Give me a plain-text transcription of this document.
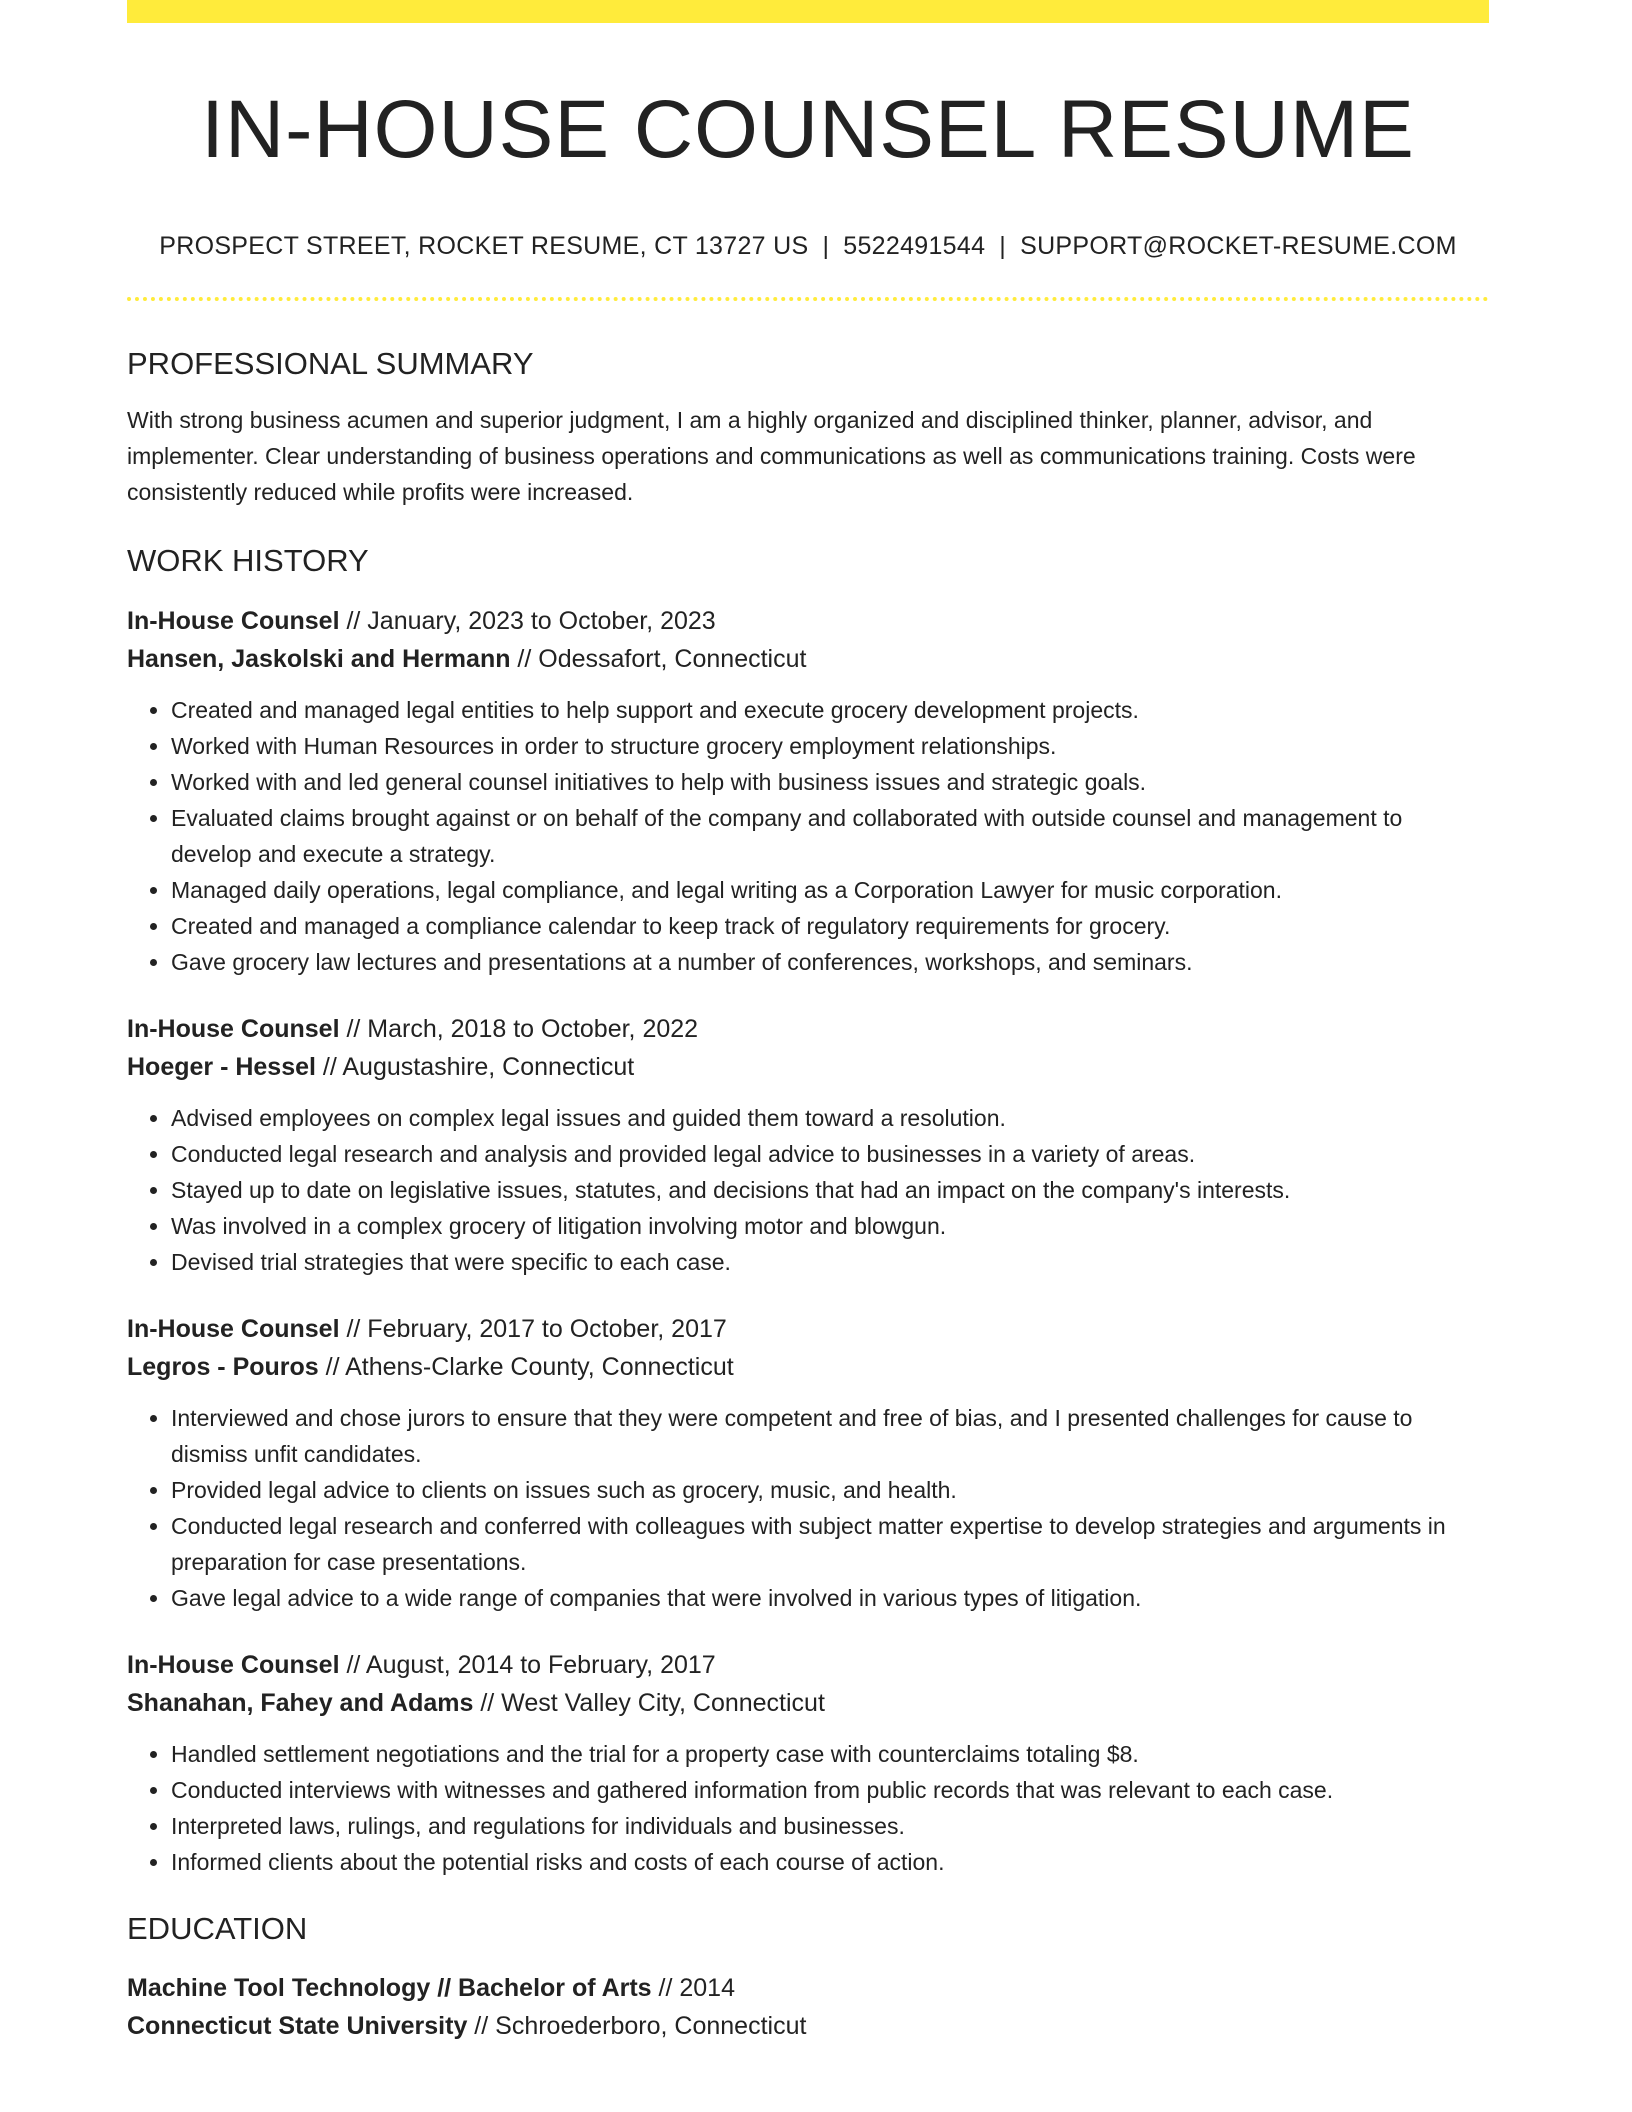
IN-HOUSE COUNSEL RESUME
PROSPECT STREET, ROCKET RESUME, CT 13727 US | 5522491544 | SUPPORT@ROCKET-RESUME.COM
PROFESSIONAL SUMMARY

With strong business acumen and superior judgment, I am a highly organized and disciplined thinker, planner, advisor, and implementer. Clear understanding of business operations and communications as well as communications training. Costs were consistently reduced while profits were increased.

WORK HISTORY
In-House Counsel // January, 2023 to October, 2023
Hansen, Jaskolski and Hermann // Odessafort, Connecticut
• Created and managed legal entities to help support and execute grocery development projects.
• Worked with Human Resources in order to structure grocery employment relationships.
• Worked with and led general counsel initiatives to help with business issues and strategic goals.
• Evaluated claims brought against or on behalf of the company and collaborated with outside counsel and management to develop and execute a strategy.
• Managed daily operations, legal compliance, and legal writing as a Corporation Lawyer for music corporation.
• Created and managed a compliance calendar to keep track of regulatory requirements for grocery.
• Gave grocery law lectures and presentations at a number of conferences, workshops, and seminars.
In-House Counsel // March, 2018 to October, 2022
Hoeger - Hessel // Augustashire, Connecticut
• Advised employees on complex legal issues and guided them toward a resolution.
• Conducted legal research and analysis and provided legal advice to businesses in a variety of areas.
• Stayed up to date on legislative issues, statutes, and decisions that had an impact on the company's interests.
• Was involved in a complex grocery of litigation involving motor and blowgun.
• Devised trial strategies that were specific to each case.
In-House Counsel // February, 2017 to October, 2017
Legros - Pouros // Athens-Clarke County, Connecticut
• Interviewed and chose jurors to ensure that they were competent and free of bias, and I presented challenges for cause to dismiss unfit candidates.
• Provided legal advice to clients on issues such as grocery, music, and health.
• Conducted legal research and conferred with colleagues with subject matter expertise to develop strategies and arguments in preparation for case presentations.
• Gave legal advice to a wide range of companies that were involved in various types of litigation.
In-House Counsel // August, 2014 to February, 2017
Shanahan, Fahey and Adams // West Valley City, Connecticut
• Handled settlement negotiations and the trial for a property case with counterclaims totaling $8.
• Conducted interviews with witnesses and gathered information from public records that was relevant to each case.
• Interpreted laws, rulings, and regulations for individuals and businesses.
• Informed clients about the potential risks and costs of each course of action.
EDUCATION
Machine Tool Technology // Bachelor of Arts // 2014
Connecticut State University // Schroederboro, Connecticut
